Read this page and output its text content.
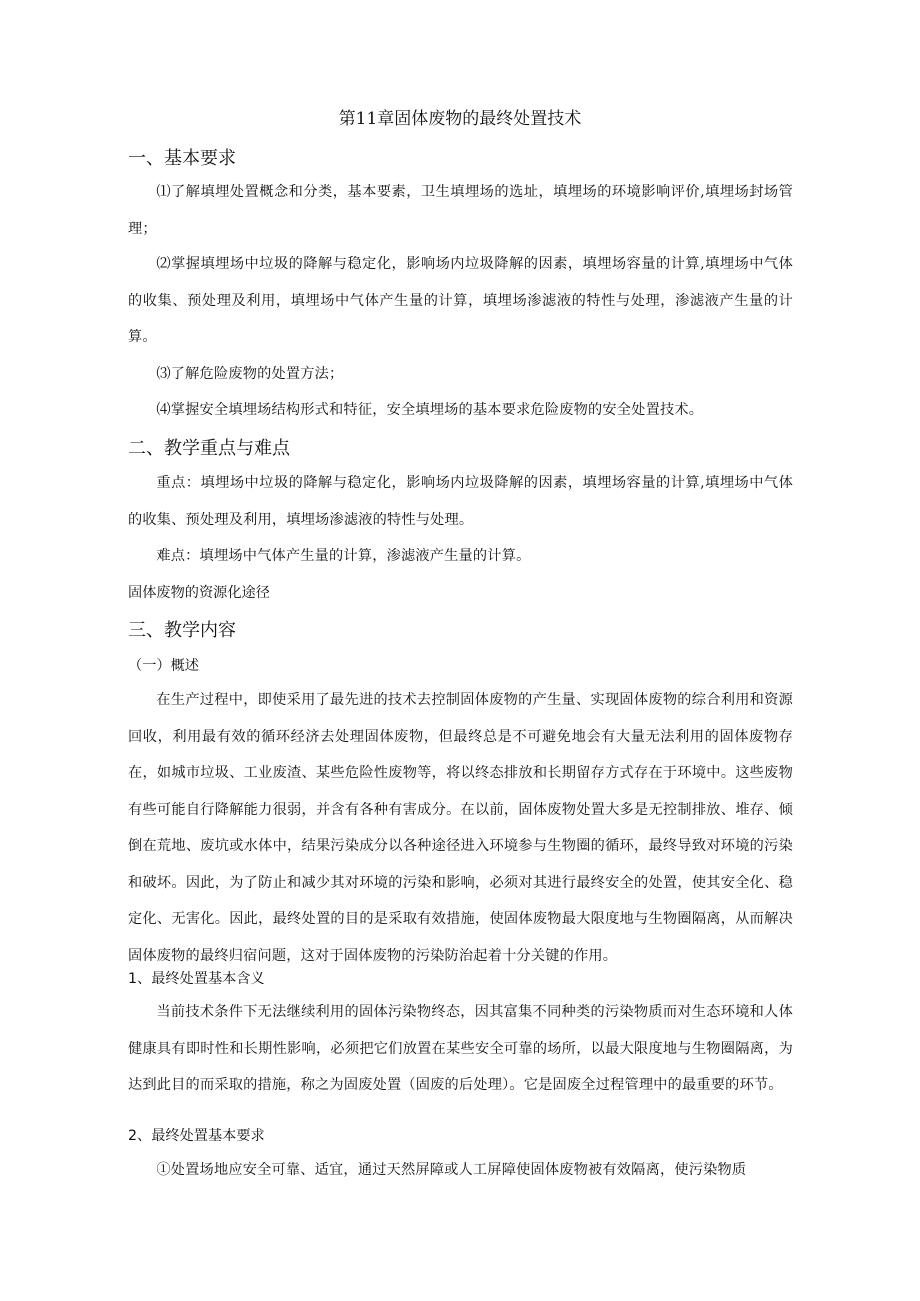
第11章固体废物的最终处置技术
一、基本要求
⑴了解填埋处置概念和分类，基本要素，卫生填埋场的选址，填埋场的环境影响评价,填埋场封场管理；
⑵掌握填埋场中垃圾的降解与稳定化，影响场内垃圾降解的因素，填埋场容量的计算,填埋场中气体的收集、预处理及利用，填埋场中气体产生量的计算，填埋场渗滤液的特性与处理，渗滤液产生量的计算。
⑶了解危险废物的处置方法；
⑷掌握安全填埋场结构形式和特征，安全填埋场的基本要求危险废物的安全处置技术。
二、教学重点与难点
重点：填埋场中垃圾的降解与稳定化，影响场内垃圾降解的因素，填埋场容量的计算,填埋场中气体的收集、预处理及利用，填埋场渗滤液的特性与处理。
难点：填埋场中气体产生量的计算，渗滤液产生量的计算。
固体废物的资源化途径
三、教学内容
（一）概述
在生产过程中，即使采用了最先进的技术去控制固体废物的产生量、实现固体废物的综合利用和资源回收，利用最有效的循环经济去处理固体废物，但最终总是不可避免地会有大量无法利用的固体废物存在，如城市垃圾、工业废渣、某些危险性废物等，将以终态排放和长期留存方式存在于环境中。这些废物有些可能自行降解能力很弱，并含有各种有害成分。在以前，固体废物处置大多是无控制排放、堆存、倾倒在荒地、废坑或水体中，结果污染成分以各种途径进入环境参与生物圈的循环，最终导致对环境的污染和破坏。因此，为了防止和减少其对环境的污染和影响，必须对其进行最终安全的处置，使其安全化、稳定化、无害化。因此，最终处置的目的是采取有效措施，使固体废物最大限度地与生物圈隔离，从而解决固体废物的最终归宿问题，这对于固体废物的污染防治起着十分关键的作用。
1、最终处置基本含义
当前技术条件下无法继续利用的固体污染物终态，因其富集不同种类的污染物质而对生态环境和人体健康具有即时性和长期性影响，必须把它们放置在某些安全可靠的场所，以最大限度地与生物圈隔离，为达到此目的而采取的措施，称之为固废处置（固废的后处理）。它是固废全过程管理中的最重要的环节。
2、最终处置基本要求
①处置场地应安全可靠、适宜，通过天然屏障或人工屏障使固体废物被有效隔离，使污染物质
